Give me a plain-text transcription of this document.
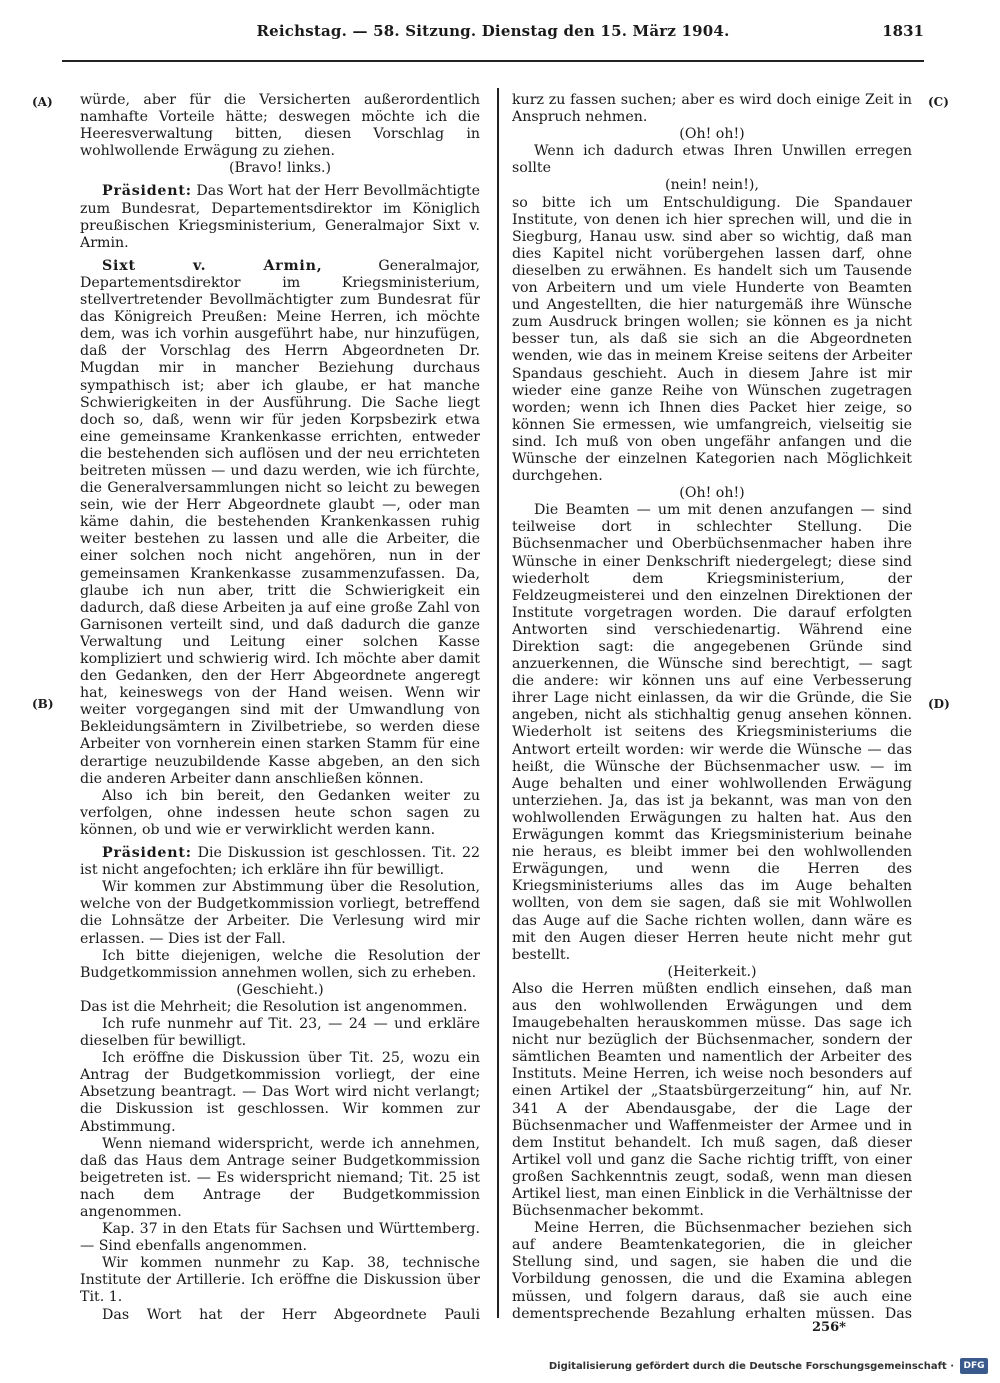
Reichstag. — 58. Sitzung. Dienstag den 15. März 1904.	1831
(A)
(B)
(C)
(D)

würde, aber für die Versicherten außerordentlich namhafte Vorteile hätte; deswegen möchte ich die Heeresverwaltung bitten, diesen Vorschlag in wohlwollende Erwägung zu ziehen.

(Bravo! links.)

Präsident: Das Wort hat der Herr Bevollmächtigte zum Bundesrat, Departementsdirektor im Königlich preußischen Kriegsministerium, Generalmajor Sixt v. Armin.

Sixt v. Armin, Generalmajor, Departementsdirektor im Kriegsministerium, stellvertretender Bevollmächtigter zum Bundesrat für das Königreich Preußen: Meine Herren, ich möchte dem, was ich vorhin ausgeführt habe, nur hinzufügen, daß der Vorschlag des Herrn Abgeordneten Dr. Mugdan mir in mancher Beziehung durchaus sympathisch ist; aber ich glaube, er hat manche Schwierigkeiten in der Ausführung. Die Sache liegt doch so, daß, wenn wir für jeden Korpsbezirk etwa eine gemeinsame Krankenkasse errichten, entweder die bestehenden sich auflösen und der neu errichteten beitreten müssen — und dazu werden, wie ich fürchte, die Generalversammlungen nicht so leicht zu bewegen sein, wie der Herr Abgeordnete glaubt —, oder man käme dahin, die bestehenden Krankenkassen ruhig weiter bestehen zu lassen und alle die Arbeiter, die einer solchen noch nicht angehören, nun in der gemeinsamen Krankenkasse zusammenzufassen. Da, glaube ich nun aber, tritt die Schwierigkeit ein dadurch, daß diese Arbeiten ja auf eine große Zahl von Garnisonen verteilt sind, und daß dadurch die ganze Verwaltung und Leitung einer solchen Kasse kompliziert und schwierig wird. Ich möchte aber damit den Gedanken, den der Herr Abgeordnete angeregt hat, keineswegs von der Hand weisen. Wenn wir weiter vorgegangen sind mit der Umwandlung von Bekleidungsämtern in Zivilbetriebe, so werden diese Arbeiter von vornherein einen starken Stamm für eine derartige neuzubildende Kasse abgeben, an den sich die anderen Arbeiter dann anschließen können.

Also ich bin bereit, den Gedanken weiter zu verfolgen, ohne indessen heute schon sagen zu können, ob und wie er verwirklicht werden kann.

Präsident: Die Diskussion ist geschlossen. Tit. 22 ist nicht angefochten; ich erkläre ihn für bewilligt.

Wir kommen zur Abstimmung über die Resolution, welche von der Budgetkommission vorliegt, betreffend die Lohnsätze der Arbeiter. Die Verlesung wird mir erlassen. — Dies ist der Fall.

Ich bitte diejenigen, welche die Resolution der Budgetkommission annehmen wollen, sich zu erheben.

(Geschieht.)

Das ist die Mehrheit; die Resolution ist angenommen.

Ich rufe nunmehr auf Tit. 23, — 24 — und erkläre dieselben für bewilligt.

Ich eröffne die Diskussion über Tit. 25, wozu ein Antrag der Budgetkommission vorliegt, der eine Absetzung beantragt. — Das Wort wird nicht verlangt; die Diskussion ist geschlossen. Wir kommen zur Abstimmung.

Wenn niemand widerspricht, werde ich annehmen, daß das Haus dem Antrage seiner Budgetkommission beigetreten ist. — Es widerspricht niemand; Tit. 25 ist nach dem Antrage der Budgetkommission angenommen.

Kap. 37 in den Etats für Sachsen und Württemberg. — Sind ebenfalls angenommen.

Wir kommen nunmehr zu Kap. 38, technische Institute der Artillerie. Ich eröffne die Diskussion über Tit. 1.

Das Wort hat der Herr Abgeordnete Pauli

kurz zu fassen suchen; aber es wird doch einige Zeit in Anspruch nehmen.

(Oh! oh!)

Wenn ich dadurch etwas Ihren Unwillen erregen sollte

(nein! nein!),

so bitte ich um Entschuldigung. Die Spandauer Institute, von denen ich hier sprechen will, und die in Siegburg, Hanau usw. sind aber so wichtig, daß man dies Kapitel nicht vorübergehen lassen darf, ohne dieselben zu erwähnen. Es handelt sich um Tausende von Arbeitern und um viele Hunderte von Beamten und Angestellten, die hier naturgemäß ihre Wünsche zum Ausdruck bringen wollen; sie können es ja nicht besser tun, als daß sie sich an die Abgeordneten wenden, wie das in meinem Kreise seitens der Arbeiter Spandaus geschieht. Auch in diesem Jahre ist mir wieder eine ganze Reihe von Wünschen zugetragen worden; wenn ich Ihnen dies Packet hier zeige, so können Sie ermessen, wie umfangreich, vielseitig sie sind. Ich muß von oben ungefähr anfangen und die Wünsche der einzelnen Kategorien nach Möglichkeit durchgehen.

(Oh! oh!)

Die Beamten — um mit denen anzufangen — sind teilweise dort in schlechter Stellung. Die Büchsenmacher und Oberbüchsenmacher haben ihre Wünsche in einer Denkschrift niedergelegt; diese sind wiederholt dem Kriegsministerium, der Feldzeugmeisterei und den einzelnen Direktionen der Institute vorgetragen worden. Die darauf erfolgten Antworten sind verschiedenartig. Während eine Direktion sagt: die angegebenen Gründe sind anzuerkennen, die Wünsche sind berechtigt, — sagt die andere: wir können uns auf eine Verbesserung ihrer Lage nicht einlassen, da wir die Gründe, die Sie angeben, nicht als stichhaltig genug ansehen können. Wiederholt ist seitens des Kriegsministeriums die Antwort erteilt worden: wir werde die Wünsche — das heißt, die Wünsche der Büchsenmacher usw. — im Auge behalten und einer wohlwollenden Erwägung unterziehen. Ja, das ist ja bekannt, was man von den wohlwollenden Erwägungen zu halten hat. Aus den Erwägungen kommt das Kriegsministerium beinahe nie heraus, es bleibt immer bei den wohlwollenden Erwägungen, und wenn die Herren des Kriegsministeriums alles das im Auge behalten wollten, von dem sie sagen, daß sie mit Wohlwollen das Auge auf die Sache richten wollen, dann wäre es mit den Augen dieser Herren heute nicht mehr gut bestellt.

(Heiterkeit.)

Also die Herren müßten endlich einsehen, daß man aus den wohlwollenden Erwägungen und dem Imaugebehalten herauskommen müsse. Das sage ich nicht nur bezüglich der Büchsenmacher, sondern der sämtlichen Beamten und namentlich der Arbeiter des Instituts. Meine Herren, ich weise noch besonders auf einen Artikel der „Staatsbürgerzeitung“ hin, auf Nr. 341 A der Abendausgabe, der die Lage der Büchsenmacher und Waffenmeister der Armee und in dem Institut behandelt. Ich muß sagen, daß dieser Artikel voll und ganz die Sache richtig trifft, von einer großen Sachkenntnis zeugt, sodaß, wenn man diesen Artikel liest, man einen Einblick in die Verhältnisse der Büchsenmacher bekommt.

Meine Herren, die Büchsenmacher beziehen sich auf andere Beamtenkategorien, die in gleicher Stellung sind, und sagen, sie haben die und die Vorbildung genossen, die und die Examina ablegen müssen, und folgern daraus, daß sie auch eine dementsprechende Bezahlung erhalten müssen. Das

256*
Digitalisierung gefördert durch die Deutsche Forschungsgemeinschaft ·	DFG
